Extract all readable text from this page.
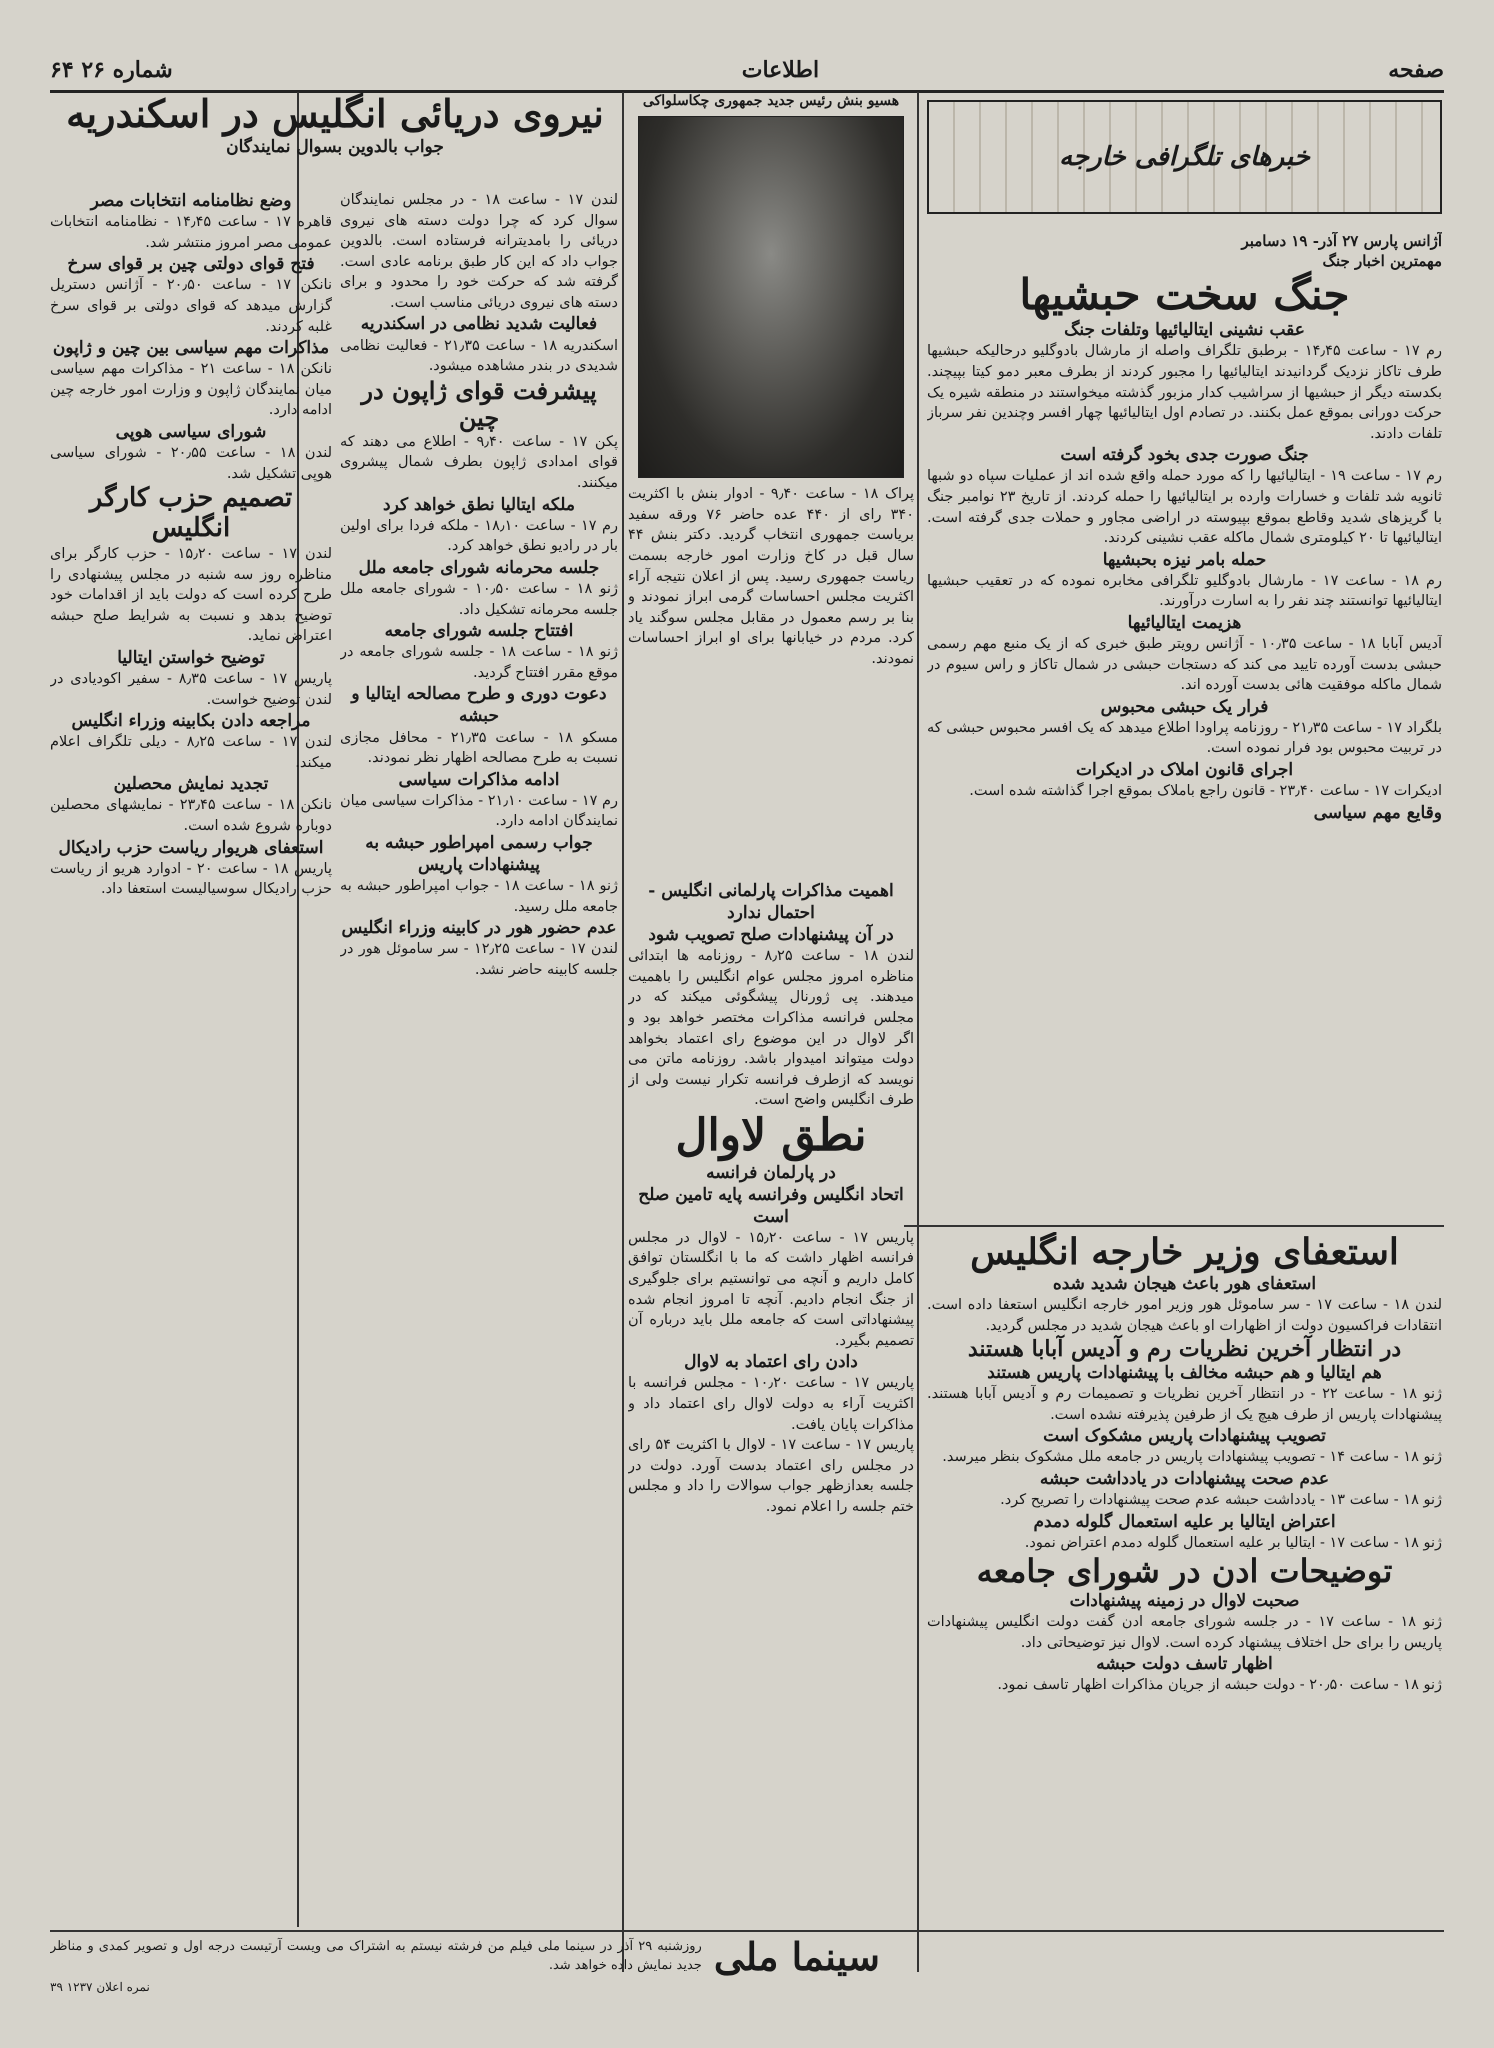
صفحه
اطلاعات
شماره ۲۶ ۶۴
خبرهای تلگرافی خارجه
آژانس پارس ۲۷ آذر- ۱۹ دسامبر
مهمترین اخبار جنگ
جنگ سخت حبشیها
عقب نشینی ایتالیائیها وتلفات جنگ
رم ۱۷ - ساعت ۱۴٫۴۵ - برطبق تلگراف واصله از مارشال بادوگلیو درحالیکه حبشیها طرف تاکاز نزدیک گردانیدند ایتالیائیها را مجبور کردند از بطرف معبر دمو کیتا بپیچند. بکدسته دیگر از حبشیها از سراشیب کدار مزبور گذشته میخواستند در منطقه شیره یک حرکت دورانی بموقع عمل بکنند. در تصادم اول ایتالیائیها چهار افسر وچندین نفر سرباز تلفات دادند.
جنگ صورت جدی بخود گرفته است
رم ۱۷ - ساعت ۱۹ - ایتالیائیها را که مورد حمله واقع شده اند از عملیات سپاه دو شبها ثانویه شد تلفات و خسارات وارده بر ایتالیائیها را حمله کردند. از تاریخ ۲۳ نوامبر جنگ با گریزهای شدید وقاطع بموقع بپیوسته در اراضی مجاور و حملات جدی گرفته است. ایتالیائیها تا ۲۰ کیلومتری شمال ماکله عقب نشینی کردند.
حمله بامر نیزه بحبشیها
رم ۱۸ - ساعت ۱۷ - مارشال بادوگلیو تلگرافی مخابره نموده که در تعقیب حبشیها ایتالیائیها توانستند چند نفر را به اسارت درآورند.
هزیمت ایتالیائیها
آدیس آبابا ۱۸ - ساعت ۱۰٫۳۵ - آژانس رویتر طبق خبری که از یک منبع مهم رسمی حبشی بدست آورده تایید می کند که دستجات حبشی در شمال تاکاز و راس سیوم در شمال ماکله موفقیت هائی بدست آورده اند.
فرار یک حبشی محبوس
بلگراد ۱۷ - ساعت ۲۱٫۳۵ - روزنامه پراودا اطلاع میدهد که یک افسر محبوس حبشی که در تربیت محبوس بود فرار نموده است.
اجرای قانون املاک در ادیکرات
ادیکرات ۱۷ - ساعت ۲۳٫۴۰ - قانون راجع باملاک بموقع اجرا گذاشته شده است.
وقایع مهم سیاسی
استعفای وزیر خارجه انگلیس
استعفای هور باعث هیجان شدید شده
لندن ۱۸ - ساعت ۱۷ - سر ساموئل هور وزیر امور خارجه انگلیس استعفا داده است. انتقادات فراکسیون دولت از اظهارات او باعث هیجان شدید در مجلس گردید.
در انتظار آخرین نظریات رم و آدیس آبابا هستند
هم ایتالیا و هم حبشه مخالف با پیشنهادات پاریس هستند
ژنو ۱۸ - ساعت ۲۲ - در انتظار آخرین نظریات و تصمیمات رم و آدیس آبابا هستند. پیشنهادات پاریس از طرف هیچ یک از طرفین پذیرفته نشده است.
تصویب پیشنهادات پاریس مشکوک است
ژنو ۱۸ - ساعت ۱۴ - تصویب پیشنهادات پاریس در جامعه ملل مشکوک بنظر میرسد.
عدم صحت پیشنهادات در یادداشت حبشه
ژنو ۱۸ - ساعت ۱۳ - یادداشت حبشه عدم صحت پیشنهادات را تصریح کرد.
اعتراض ایتالیا بر علیه استعمال گلوله دمدم
ژنو ۱۸ - ساعت ۱۷ - ایتالیا بر علیه استعمال گلوله دمدم اعتراض نمود.
توضیحات ادن در شورای جامعه
صحبت لاوال در زمینه پیشنهادات
ژنو ۱۸ - ساعت ۱۷ - در جلسه شورای جامعه ادن گفت دولت انگلیس پیشنهادات پاریس را برای حل اختلاف پیشنهاد کرده است. لاوال نیز توضیحاتی داد.
اظهار تاسف دولت حبشه
ژنو ۱۸ - ساعت ۲۰٫۵۰ - دولت حبشه از جریان مذاکرات اظهار تاسف نمود.
هسیو بنش رئیس جدید جمهوری چکاسلواکی
پراک ۱۸ - ساعت ۹٫۴۰ - ادوار بنش با اکثریت ۳۴۰ رای از ۴۴۰ عده حاضر ۷۶ ورقه سفید بریاست جمهوری انتخاب گردید. دکتر بنش ۴۴ سال قبل در کاخ وزارت امور خارجه بسمت ریاست جمهوری رسید. پس از اعلان نتیجه آراء اکثریت مجلس احساسات گرمی ابراز نمودند و بنا بر رسم معمول در مقابل مجلس سوگند یاد کرد. مردم در خیابانها برای او ابراز احساسات نمودند.
اهمیت مذاکرات پارلمانی انگلیس - احتمال ندارد
در آن پیشنهادات صلح تصویب شود
لندن ۱۸ - ساعت ۸٫۲۵ - روزنامه ها ابتدائی مناظره امروز مجلس عوام انگلیس را باهمیت میدهند. پی ژورنال پیشگوئی میکند که در مجلس فرانسه مذاکرات مختصر خواهد بود و اگر لاوال در این موضوع رای اعتماد بخواهد دولت میتواند امیدوار باشد. روزنامه ماتن می نویسد که ازطرف فرانسه تکرار نیست ولی از طرف انگلیس واضح است.
نطق لاوال
در پارلمان فرانسه
اتحاد انگلیس وفرانسه پایه تامین صلح است
پاریس ۱۷ - ساعت ۱۵٫۲۰ - لاوال در مجلس فرانسه اظهار داشت که ما با انگلستان توافق کامل داریم و آنچه می توانستیم برای جلوگیری از جنگ انجام دادیم. آنچه تا امروز انجام شده پیشنهاداتی است که جامعه ملل باید درباره آن تصمیم بگیرد.
دادن رای اعتماد به لاوال
پاریس ۱۷ - ساعت ۱۰٫۲۰ - مجلس فرانسه با اکثریت آراء به دولت لاوال رای اعتماد داد و مذاکرات پایان یافت.
پاریس ۱۷ - ساعت ۱۷ - لاوال با اکثریت ۵۴ رای در مجلس رای اعتماد بدست آورد. دولت در جلسه بعدازظهر جواب سوالات را داد و مجلس ختم جلسه را اعلام نمود.
نیروی دریائی انگلیس در اسکندریه
جواب بالدوین بسوال نمایندگان
لندن ۱۷ - ساعت ۱۸ - در مجلس نمایندگان سوال کرد که چرا دولت دسته های نیروی دریائی را بامدیترانه فرستاده است. بالدوین جواب داد که این کار طبق برنامه عادی است. گرفته شد که حرکت خود را محدود و برای دسته های نیروی دریائی مناسب است.
فعالیت شدید نظامی در اسکندریه
اسکندریه ۱۸ - ساعت ۲۱٫۳۵ - فعالیت نظامی شدیدی در بندر مشاهده میشود.
پیشرفت قوای ژاپون در چین
پکن ۱۷ - ساعت ۹٫۴۰ - اطلاع می دهند که قوای امدادی ژاپون بطرف شمال پیشروی میکنند.
ملکه ایتالیا نطق خواهد کرد
رم ۱۷ - ساعت ۱۸٫۱۰ - ملکه فردا برای اولین بار در رادیو نطق خواهد کرد.
جلسه محرمانه شورای جامعه ملل
ژنو ۱۸ - ساعت ۱۰٫۵۰ - شورای جامعه ملل جلسه محرمانه تشکیل داد.
افتتاح جلسه شورای جامعه
ژنو ۱۸ - ساعت ۱۸ - جلسه شورای جامعه در موقع مقرر افتتاح گردید.
دعوت دوری و طرح مصالحه ایتالیا و حبشه
مسکو ۱۸ - ساعت ۲۱٫۳۵ - محافل مجازی نسبت به طرح مصالحه اظهار نظر نمودند.
ادامه مذاکرات سیاسی
رم ۱۷ - ساعت ۲۱٫۱۰ - مذاکرات سیاسی میان نمایندگان ادامه دارد.
جواب رسمی امپراطور حبشه به پیشنهادات پاریس
ژنو ۱۸ - ساعت ۱۸ - جواب امپراطور حبشه به جامعه ملل رسید.
عدم حضور هور در کابینه وزراء انگلیس
لندن ۱۷ - ساعت ۱۲٫۲۵ - سر ساموئل هور در جلسه کابینه حاضر نشد.
وضع نظامنامه انتخابات مصر
قاهره ۱۷ - ساعت ۱۴٫۴۵ - نظامنامه انتخابات عمومی مصر امروز منتشر شد.
فتح قوای دولتی چین بر قوای سرخ
نانکن ۱۷ - ساعت ۲۰٫۵۰ - آژانس دستریل گزارش میدهد که قوای دولتی بر قوای سرخ غلبه کردند.
مذاکرات مهم سیاسی بین چین و ژاپون
نانکن ۱۸ - ساعت ۲۱ - مذاکرات مهم سیاسی میان نمایندگان ژاپون و وزارت امور خارجه چین ادامه دارد.
شورای سیاسی هوپی
لندن ۱۸ - ساعت ۲۰٫۵۵ - شورای سیاسی هوپی تشکیل شد.
تصمیم حزب کارگر انگلیس
لندن ۱۷ - ساعت ۱۵٫۲۰ - حزب کارگر برای مناظره روز سه شنبه در مجلس پیشنهادی را طرح کرده است که دولت باید از اقدامات خود توضیح بدهد و نسبت به شرایط صلح حبشه اعتراض نماید.
توضیح خواستن ایتالیا
پاریس ۱۷ - ساعت ۸٫۳۵ - سفیر اکودیادی در لندن توضیح خواست.
مراجعه دادن بکابینه وزراء انگلیس
لندن ۱۷ - ساعت ۸٫۲۵ - دیلی تلگراف اعلام میکند.
تجدید نمایش محصلین
نانکن ۱۸ - ساعت ۲۳٫۴۵ - نمایشهای محصلین دوباره شروع شده است.
استعفای هریوار ریاست حزب رادیکال
پاریس ۱۸ - ساعت ۲۰ - ادوارد هریو از ریاست حزب رادیکال سوسیالیست استعفا داد.
سینما ملی
روزشنبه ۲۹ آذر در سینما ملی فیلم من فرشته نیستم به اشتراک می ویست آرتیست درجه اول و تصویر کمدی و مناظر جدید نمایش داده خواهد شد.
نمره اعلان ۱۲۳۷ ۳۹
